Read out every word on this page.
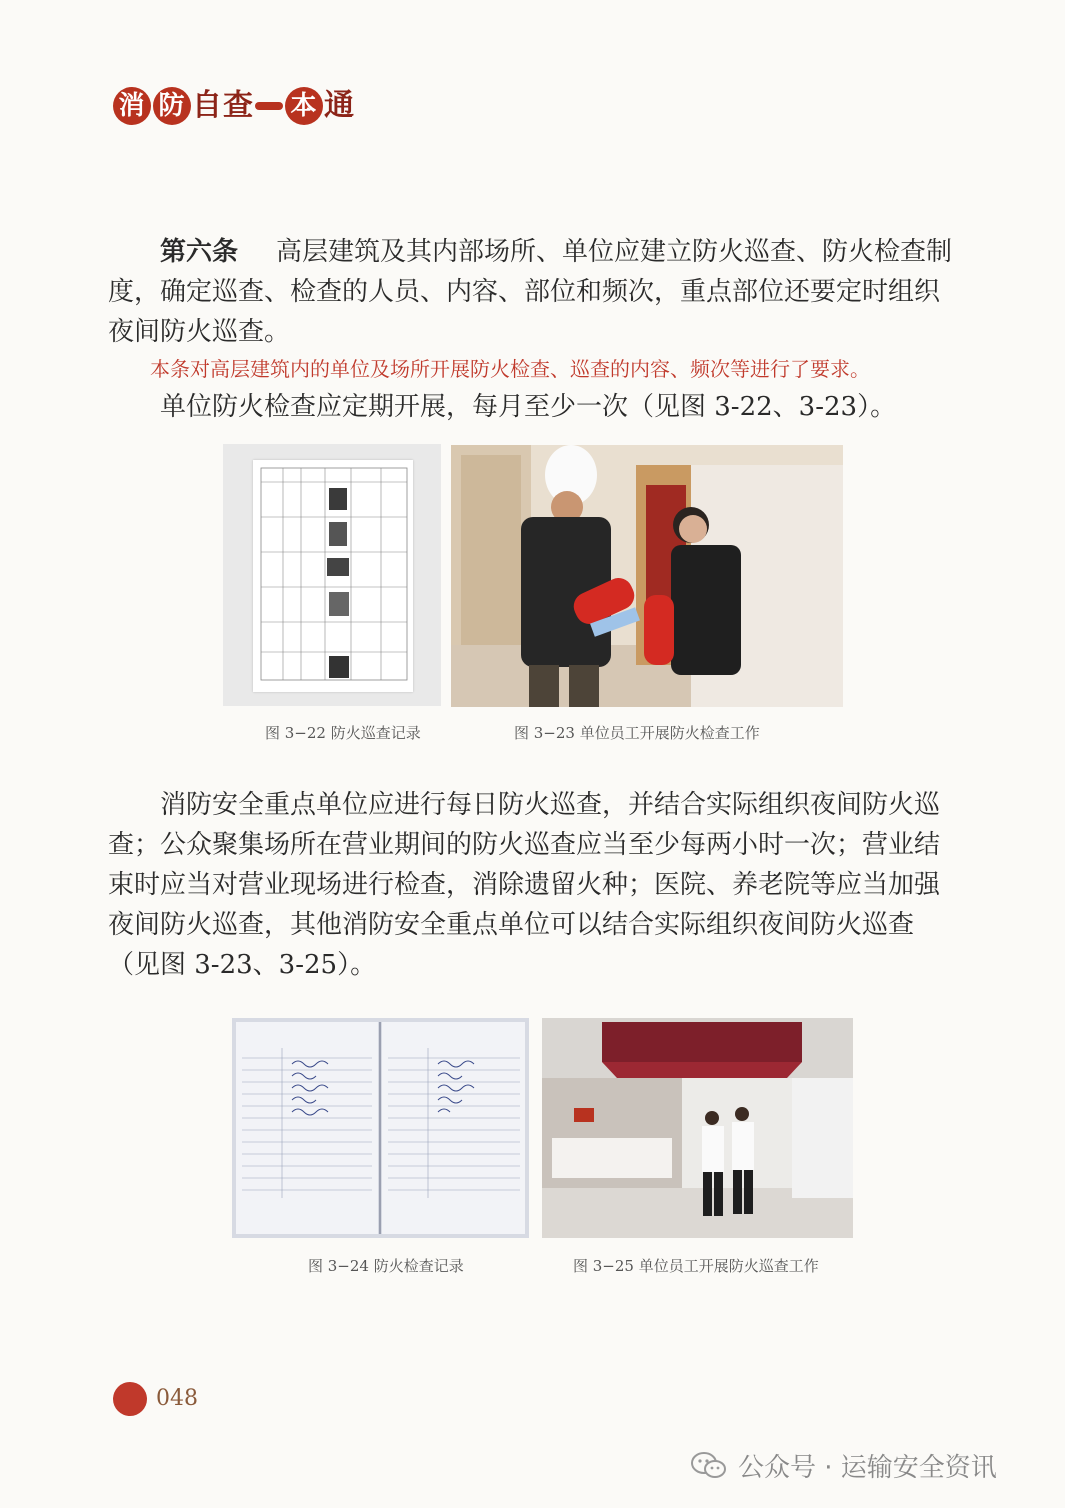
消 防 自 查 本 通

第六条 高层建筑及其内部场所、单位应建立防火巡查、防火检查制度，确定巡查、检查的人员、内容、部位和频次，重点部位还要定时组织夜间防火巡查。

本条对高层建筑内的单位及场所开展防火检查、巡查的内容、频次等进行了要求。

单位防火检查应定期开展，每月至少一次（见图 3-22、3-23）。

图 3−22 防火巡查记录	图 3−23 单位员工开展防火检查工作

消防安全重点单位应进行每日防火巡查，并结合实际组织夜间防火巡查；公众聚集场所在营业期间的防火巡查应当至少每两小时一次；营业结束时应当对营业现场进行检查，消除遗留火种；医院、养老院等应当加强夜间防火巡查，其他消防安全重点单位可以结合实际组织夜间防火巡查（见图 3-23、3-25）。

图 3−24 防火检查记录	图 3−25 单位员工开展防火巡查工作
048
公众号 · 运输安全资讯
